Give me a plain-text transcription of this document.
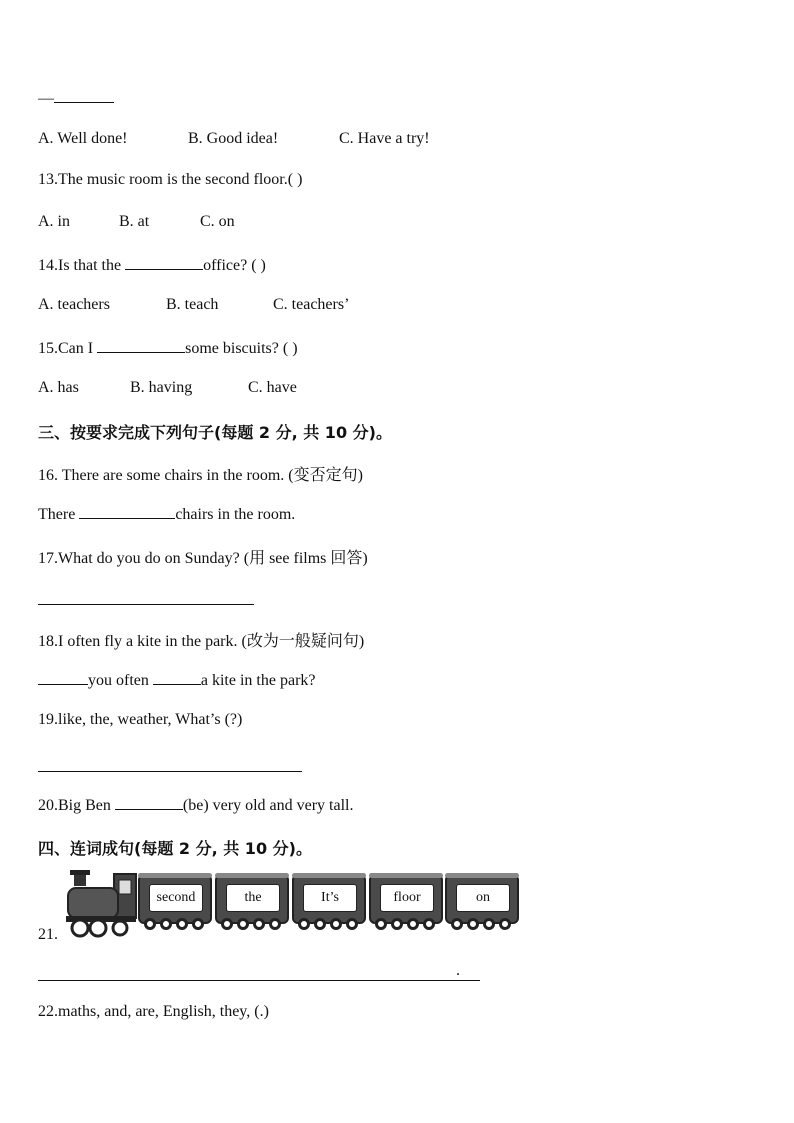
—
A. Well done!	B. Good idea!	C. Have a try!
13.The music room is the second floor.( )
A. in	B. at	C. on
14.Is that the	office? ( )
A. teachers	B. teach	C. teachers’
15.Can I	some biscuits? ( )
A. has	B. having	C. have
三、按要求完成下列句子(每题 2 分, 共 10 分)。
16. There are some chairs in the room. (变否定句)
There	chairs in the room.
17.What do you do on Sunday? (用 see films 回答)
18.I often fly a kite in the park. (改为一般疑问句)
you often	a kite in the park?
19.like, the, weather, What’s (?)
20.Big Ben	(be) very old and very tall.
四、连词成句(每题 2 分, 共 10 分)。
21.
second	the	It’s	floor	on
.
22.maths, and, are, English, they, (.)
